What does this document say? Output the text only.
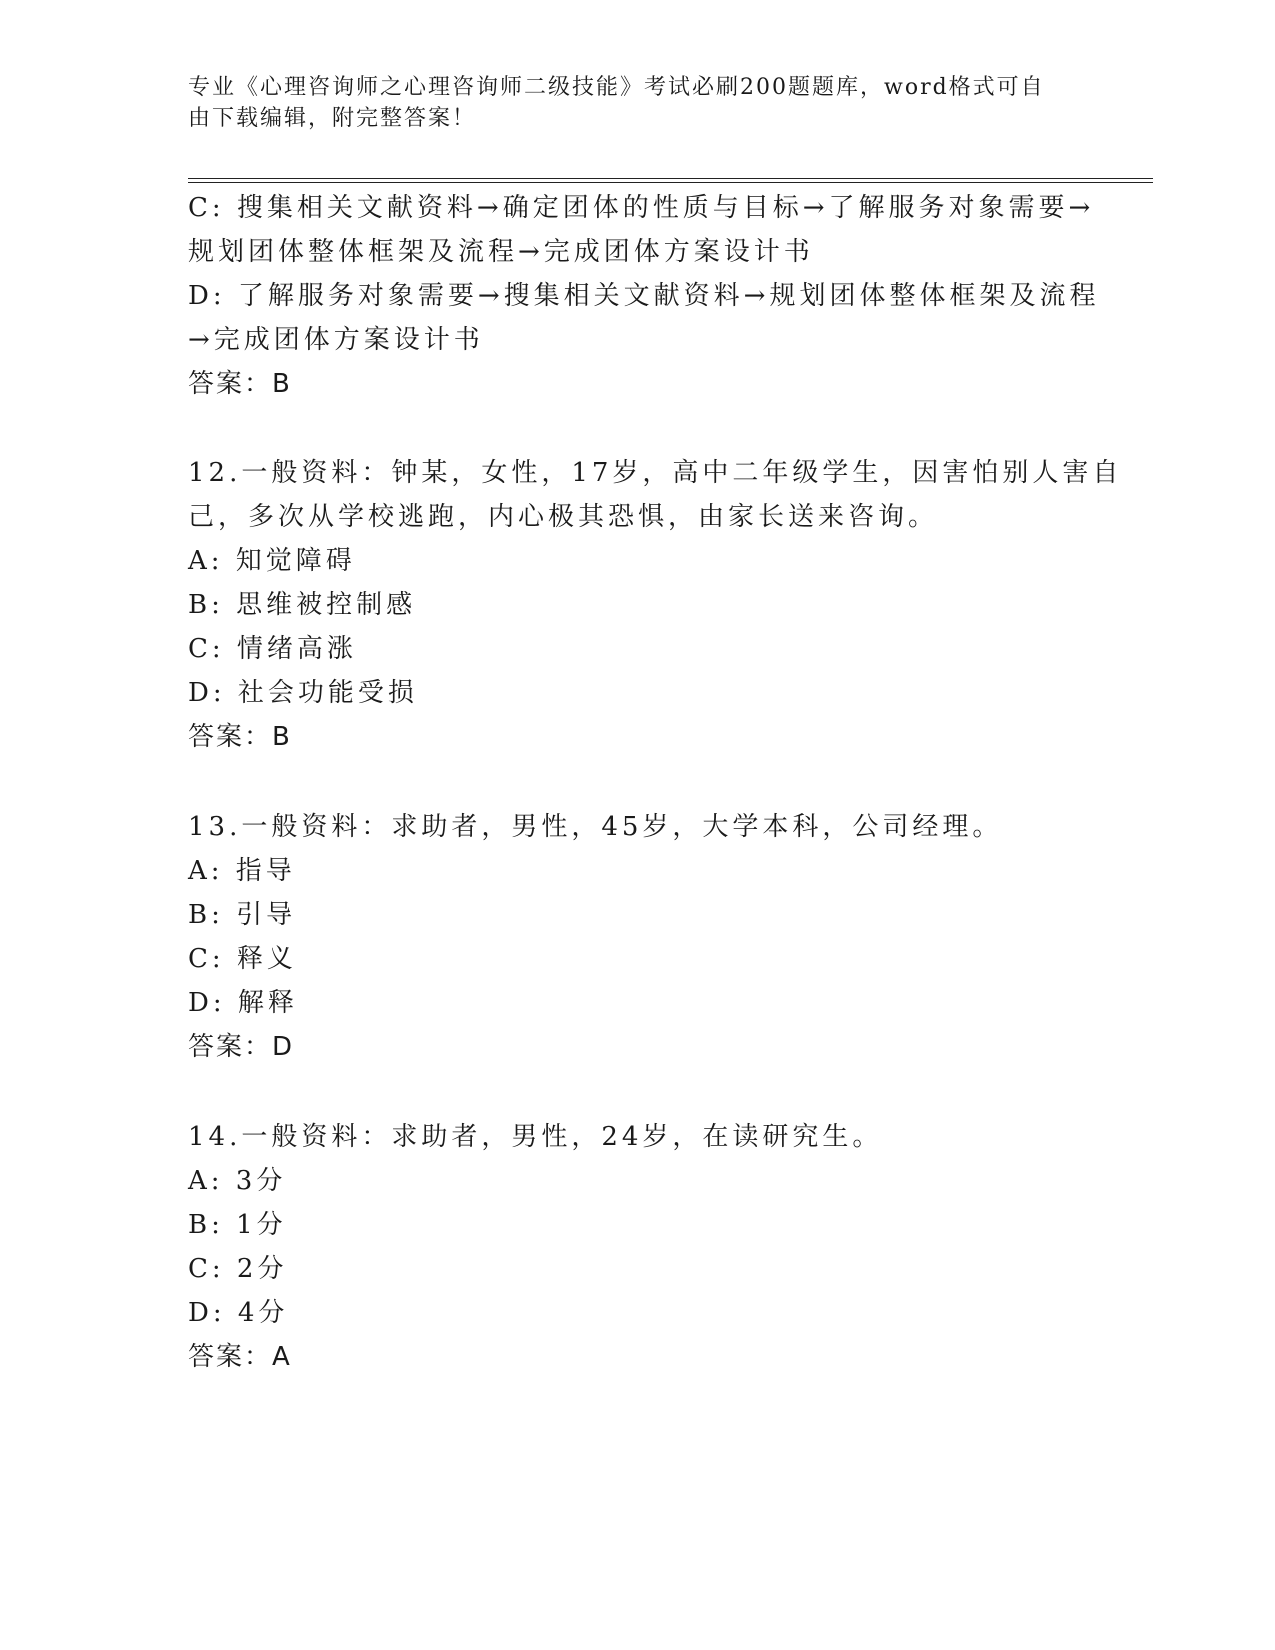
专业《心理咨询师之心理咨询师二级技能》考试必刷200题题库，word格式可自
由下载编辑，附完整答案！
C: 搜集相关文献资料→确定团体的性质与目标→了解服务对象需要→
规划团体整体框架及流程→完成团体方案设计书
D: 了解服务对象需要→搜集相关文献资料→规划团体整体框架及流程
→完成团体方案设计书
答案：B
12.一般资料：钟某，女性，17岁，高中二年级学生，因害怕别人害自
己，多次从学校逃跑，内心极其恐惧，由家长送来咨询。
A: 知觉障碍
B: 思维被控制感
C: 情绪高涨
D: 社会功能受损
答案：B
13.一般资料：求助者，男性，45岁，大学本科，公司经理。
A: 指导
B: 引导
C: 释义
D: 解释
答案：D
14.一般资料：求助者，男性，24岁，在读研究生。
A: 3分
B: 1分
C: 2分
D: 4分
答案：A
